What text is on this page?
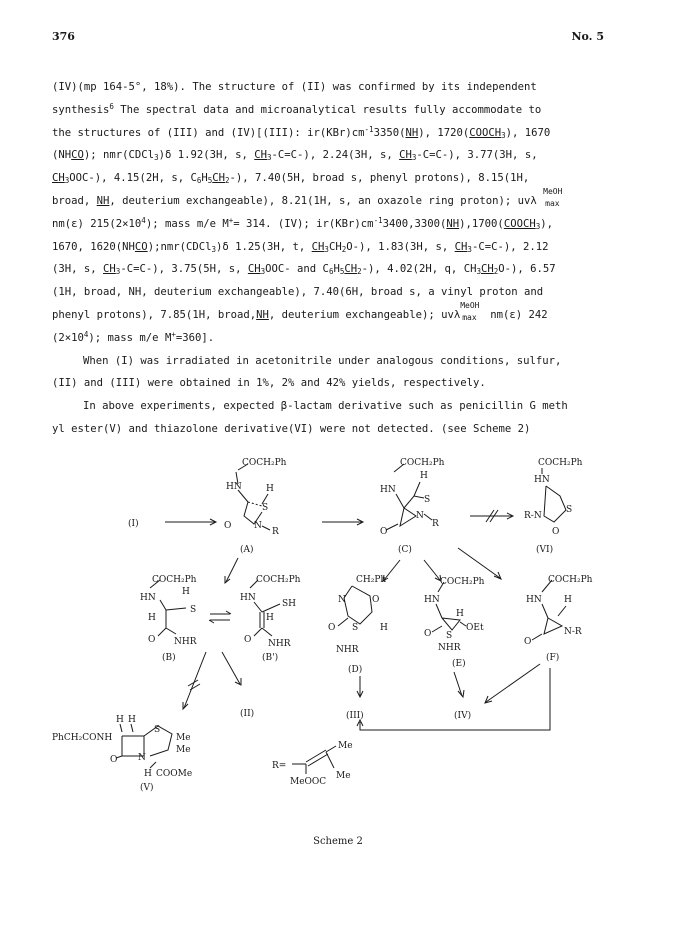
376	No. 5

(IV)(mp 164-5°, 18%). The structure of (II) was confirmed by its independent

synthesis$^6$ The spectral data and microanalytical results fully accommodate to

the structures of (III) and (IV)[(III): $ir(KBr)cm^{-1}3350(NH)$, $1720(COOCH_3)$, 1670

(NHCO); nmr(CDCl$_3$)δ 1.92(3H, s, $CH_3-C=C-$), 2.24(3H, s, $CH_3-C=C-$), 3.77(3H, s,

$CH_3OOC-$), 4.15(2H, s, $C_6H_5CH_2-$), 7.40(5H, broad s, phenyl protons), 8.15(1H,

broad, NH, deuterium exchangeable), 8.21(1H, s, an oxazole ring proton); uvλ
MeOH
max

nm(ε) $215(2\times 10^4)$; mass m/e M+= 314. (IV); $ir(KBr)cm^{-1}3400,3300(NH),1700(COOCH_3)$,

1670, 1620(NHCO);nmr(CDCl$_3$)δ 1.25(3H, t, $CH_3CH_2O-$), 1.83(3H, s, $CH_3-C=C-$), 2.12

(3H, s, $CH_3-C=C-$), 3.75(5H, s, $CH_3OOC-$ and $C_6H_5CH_2-$), 4.02(2H, q, $CH_3CH_2O-$), 6.57

(1H, broad, NH, deuterium exchangeable), 7.40(6H, broad s, a vinyl proton and

phenyl protons), 7.85(1H, broad,NH, deuterium exchangeable); uvλ
MeOH
max nm(ε) 242

$(2\times 10^4)$; mass m/e M+=360].

When (I) was irradiated in acetonitrile under analogous conditions, sulfur,

(II) and (III) were obtained in 1%, 2% and 42% yields, respectively.

In above experiments, expected β-lactam derivative such as penicillin G meth

yl ester(V) and thiazolone derivative(VI) were not detected. (see Scheme 2)

(I)
COCH₂Ph
HN	H
S
O	N
R
(A)
COCH₂Ph
HN
H
S
O
N
R
(C)
COCH₂Ph
HN
S
R-N
O
(VI)
COCH₂Ph
HN
H
H
S
O NHR
(B)
COCH₂Ph
HN
SH
H
O NHR
(B')
CH₂Ph
N	O
S
O	H
NHR
(D)
COCH₂Ph
HN
H
S
OEt
O
NHR
(E)
COCH₂Ph
HN H
N-R
O
(F)
(II)	(III)	(IV)
H H
PhCH₂CONH
S
Me
Me
N
O
H COOMe
(V)
R=
MeOOC
Me
Me
Scheme 2
